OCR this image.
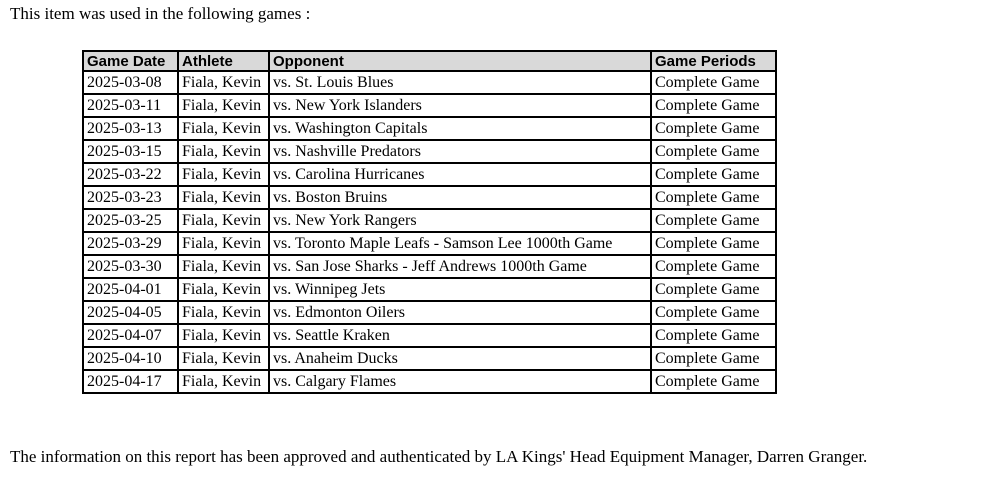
This item was used in the following games :
Game Date	Athlete	Opponent	Game Periods
2025-03-08	Fiala, Kevin	vs. St. Louis Blues	Complete Game
2025-03-11	Fiala, Kevin	vs. New York Islanders	Complete Game
2025-03-13	Fiala, Kevin	vs. Washington Capitals	Complete Game
2025-03-15	Fiala, Kevin	vs. Nashville Predators	Complete Game
2025-03-22	Fiala, Kevin	vs. Carolina Hurricanes	Complete Game
2025-03-23	Fiala, Kevin	vs. Boston Bruins	Complete Game
2025-03-25	Fiala, Kevin	vs. New York Rangers	Complete Game
2025-03-29	Fiala, Kevin	vs. Toronto Maple Leafs - Samson Lee 1000th Game	Complete Game
2025-03-30	Fiala, Kevin	vs. San Jose Sharks - Jeff Andrews 1000th Game	Complete Game
2025-04-01	Fiala, Kevin	vs. Winnipeg Jets	Complete Game
2025-04-05	Fiala, Kevin	vs. Edmonton Oilers	Complete Game
2025-04-07	Fiala, Kevin	vs. Seattle Kraken	Complete Game
2025-04-10	Fiala, Kevin	vs. Anaheim Ducks	Complete Game
2025-04-17	Fiala, Kevin	vs. Calgary Flames	Complete Game
The information on this report has been approved and authenticated by LA Kings' Head Equipment Manager, Darren Granger.
